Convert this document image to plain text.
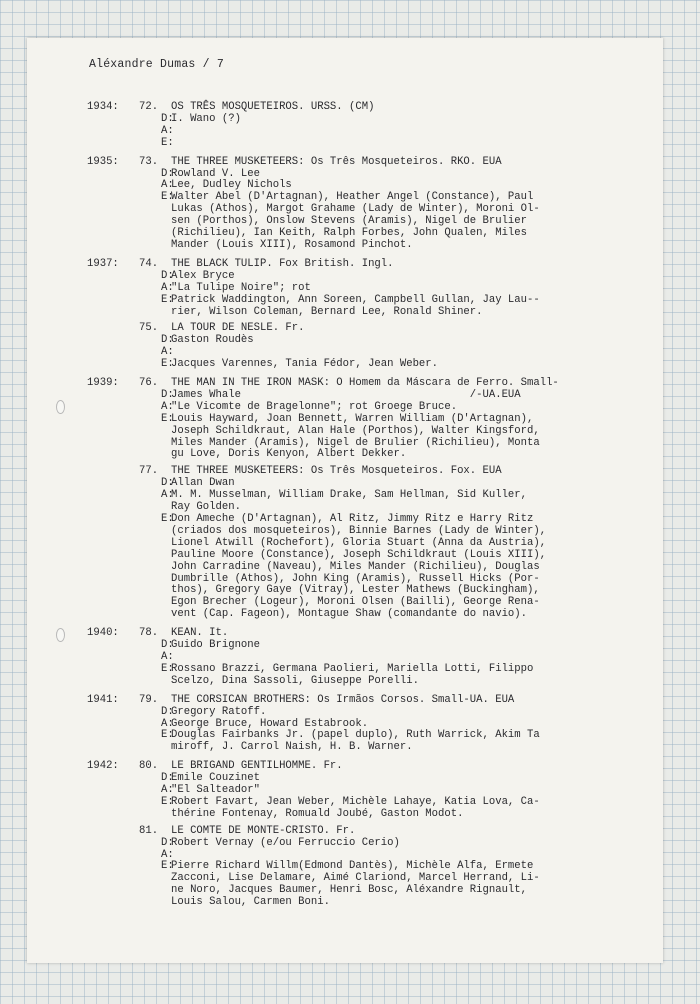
Aléxandre Dumas / 7
1934:	72.	OS TRÊS MOSQUETEIROS. URSS. (CM)
D:
I. Wano (?)
A:
E:
1935:	73.	THE THREE MUSKETEERS: Os Três Mosqueteiros. RKO. EUA
D:
Rowland V. Lee
A:
Lee, Dudley Nichols
E:
Walter Abel (D'Artagnan), Heather Angel (Constance), Paul
Lukas (Athos), Margot Grahame (Lady de Winter), Moroni Ol-
sen (Porthos), Onslow Stevens (Aramis), Nigel de Brulier
(Richilieu), Ian Keith, Ralph Forbes, John Qualen, Miles
Mander (Louis XIII), Rosamond Pinchot.
1937:	74.	THE BLACK TULIP. Fox British. Ingl.
D:
Alex Bryce
A:
"La Tulipe Noire"; rot
E:
Patrick Waddington, Ann Soreen, Campbell Gullan, Jay Lau--
rier, Wilson Coleman, Bernard Lee, Ronald Shiner.
75.	LA TOUR DE NESLE. Fr.
D:
Gaston Roudès
A:
E:
Jacques Varennes, Tania Fédor, Jean Weber.
1939:	76.	THE MAN IN THE IRON MASK: O Homem da Máscara de Ferro. Small-
D:
James Whale                                    /-UA.EUA
A:
"Le Vicomte de Bragelonne"; rot Groege Bruce.
E:
Louis Hayward, Joan Bennett, Warren William (D'Artagnan),
Joseph Schildkraut, Alan Hale (Porthos), Walter Kingsford,
Miles Mander (Aramis), Nigel de Brulier (Richilieu), Monta
gu Love, Doris Kenyon, Albert Dekker.
77.	THE THREE MUSKETEERS: Os Três Mosqueteiros. Fox. EUA
D:
Allan Dwan
A:
M. M. Musselman, William Drake, Sam Hellman, Sid Kuller,
Ray Golden.
E:
Don Ameche (D'Artagnan), Al Ritz, Jimmy Ritz e Harry Ritz
(criados dos mosqueteiros), Binnie Barnes (Lady de Winter),
Lionel Atwill (Rochefort), Gloria Stuart (Anna da Austria),
Pauline Moore (Constance), Joseph Schildkraut (Louis XIII),
John Carradine (Naveau), Miles Mander (Richilieu), Douglas
Dumbrille (Athos), John King (Aramis), Russell Hicks (Por-
thos), Gregory Gaye (Vitray), Lester Mathews (Buckingham),
Egon Brecher (Logeur), Moroni Olsen (Bailli), George Rena-
vent (Cap. Fageon), Montague Shaw (comandante do navio).
1940:	78.	KEAN. It.
D:
Guido Brignone
A:
E:
Rossano Brazzi, Germana Paolieri, Mariella Lotti, Filippo
Scelzo, Dina Sassoli, Giuseppe Porelli.
1941:	79.	THE CORSICAN BROTHERS: Os Irmãos Corsos. Small-UA. EUA
D:
Gregory Ratoff.
A:
George Bruce, Howard Estabrook.
E:
Douglas Fairbanks Jr. (papel duplo), Ruth Warrick, Akim Ta
miroff, J. Carrol Naish, H. B. Warner.
1942:	80.	LE BRIGAND GENTILHOMME. Fr.
D:
Emile Couzinet
A:
"El Salteador"
E:
Robert Favart, Jean Weber, Michèle Lahaye, Katia Lova, Ca-
thérine Fontenay, Romuald Joubé, Gaston Modot.
81.	LE COMTE DE MONTE-CRISTO. Fr.
D:
Robert Vernay (e/ou Ferruccio Cerio)
A:
E:
Pierre Richard Willm(Edmond Dantès), Michèle Alfa, Ermete
Zacconi, Lise Delamare, Aimé Clariond, Marcel Herrand, Li-
ne Noro, Jacques Baumer, Henri Bosc, Aléxandre Rignault,
Louis Salou, Carmen Boni.
